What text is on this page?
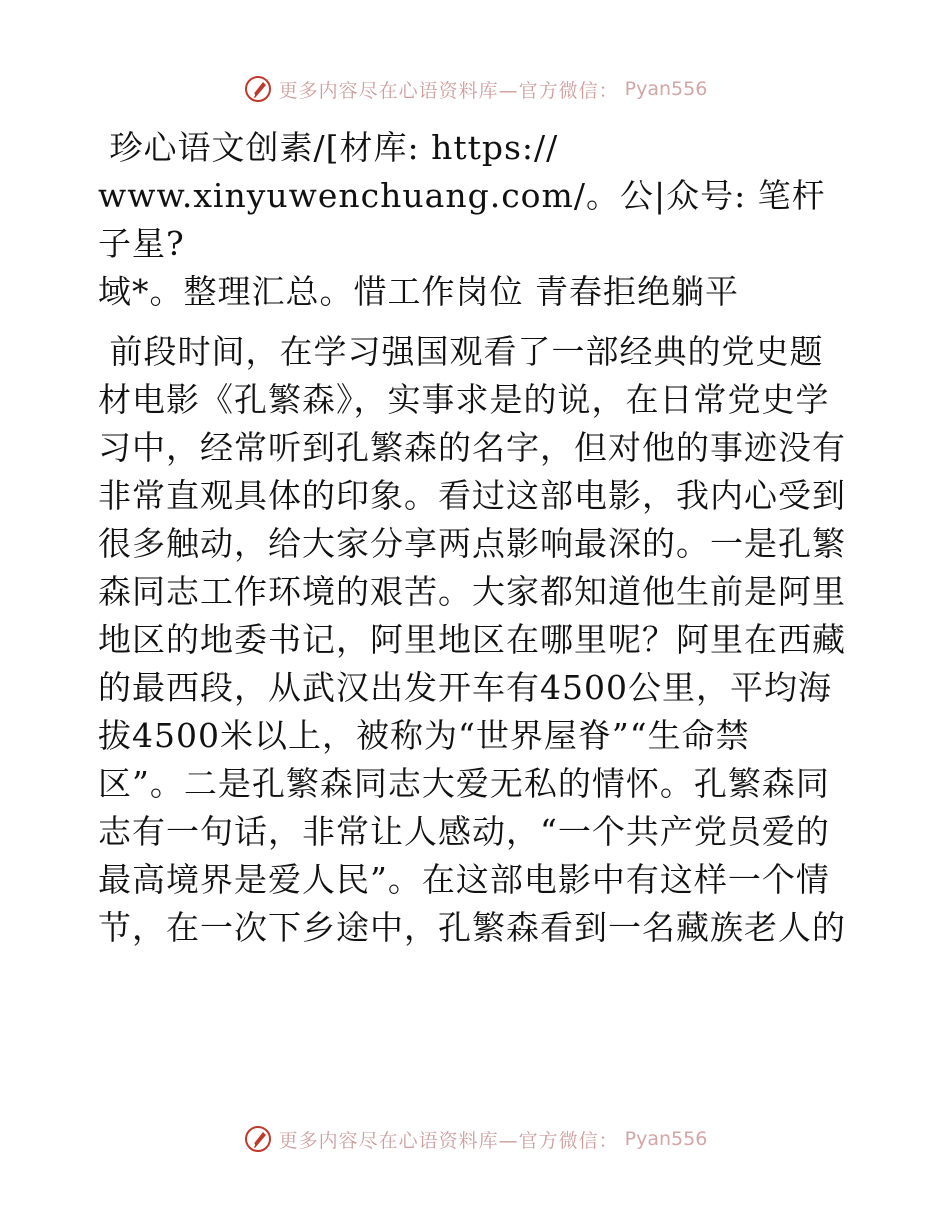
更多内容尽在心语资料库—官方微信： Pyan556

珍心语文创素/[材库: https://
www.xinyuwenchuang.com/。公|众号: 笔杆子星?
域*。整理汇总。惜工作岗位 青春拒绝躺平

前段时间，在学习强国观看了一部经典的党史题
材电影《孔繁森》，实事求是的说，在日常党史学
习中，经常听到孔繁森的名字，但对他的事迹没有
非常直观具体的印象。看过这部电影，我内心受到
很多触动，给大家分享两点影响最深的。一是孔繁
森同志工作环境的艰苦。大家都知道他生前是阿里
地区的地委书记，阿里地区在哪里呢？阿里在西藏
的最西段，从武汉出发开车有4500公里，平均海
拔4500米以上，被称为“世界屋脊”“生命禁
区”。二是孔繁森同志大爱无私的情怀。孔繁森同
志有一句话，非常让人感动，“一个共产党员爱的
最高境界是爱人民”。在这部电影中有这样一个情
节，在一次下乡途中，孔繁森看到一名藏族老人的

更多内容尽在心语资料库—官方微信： Pyan556
